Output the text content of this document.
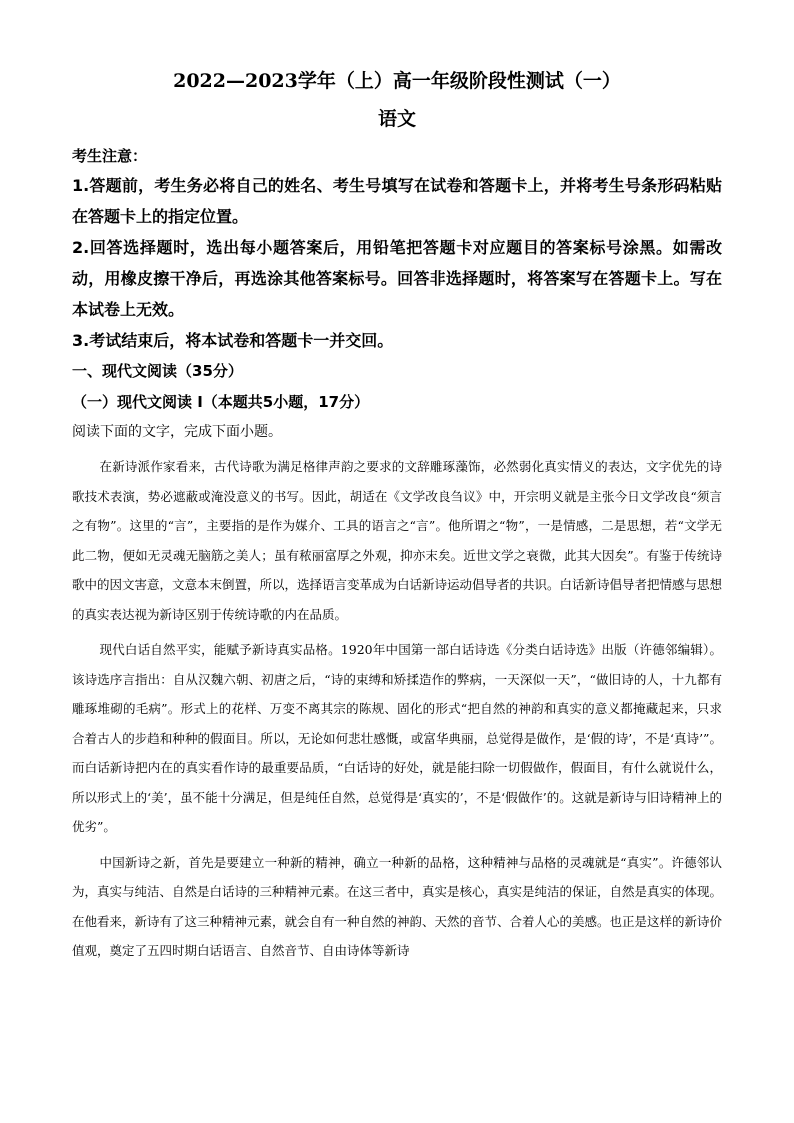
2022—2023学年（上）高一年级阶段性测试（一）
语文

考生注意：

1.答题前，考生务必将自己的姓名、考生号填写在试卷和答题卡上，并将考生号条形码粘贴在答题卡上的指定位置。

2.回答选择题时，选出每小题答案后，用铅笔把答题卡对应题目的答案标号涂黑。如需改动，用橡皮擦干净后，再选涂其他答案标号。回答非选择题时，将答案写在答题卡上。写在本试卷上无效。

3.考试结束后，将本试卷和答题卡一并交回。

一、现代文阅读（35分）

（一）现代文阅读 I（本题共5小题，17分）

阅读下面的文字，完成下面小题。

在新诗派作家看来，古代诗歌为满足格律声韵之要求的文辞雕琢藻饰，必然弱化真实情义的表达，文字优先的诗歌技术表演，势必遮蔽或淹没意义的书写。因此，胡适在《文学改良刍议》中，开宗明义就是主张今日文学改良“须言之有物”。这里的“言”，主要指的是作为媒介、工具的语言之“言”。他所谓之“物”，一是情感，二是思想，若“文学无此二物，便如无灵魂无脑筋之美人；虽有秾丽富厚之外观，抑亦末矣。近世文学之衰微，此其大因矣”。有鉴于传统诗歌中的因文害意，文意本末倒置，所以，选择语言变革成为白话新诗运动倡导者的共识。白话新诗倡导者把情感与思想的真实表达视为新诗区别于传统诗歌的内在品质。

现代白话自然平实，能赋予新诗真实品格。1920年中国第一部白话诗选《分类白话诗选》出版（许德邻编辑）。该诗选序言指出：自从汉魏六朝、初唐之后，“诗的束缚和矫揉造作的弊病，一天深似一天”，“做旧诗的人，十九都有雕琢堆砌的毛病”。形式上的花样、万变不离其宗的陈规、固化的形式“把自然的神韵和真实的意义都掩藏起来，只求合着古人的步趋和种种的假面目。所以，无论如何悲壮感慨，或富华典丽，总觉得是做作，是‘假的诗’，不是‘真诗’”。而白话新诗把内在的真实看作诗的最重要品质，“白话诗的好处，就是能扫除一切假做作，假面目，有什么就说什么，所以形式上的‘美’，虽不能十分满足，但是纯任自然，总觉得是‘真实的’，不是‘假做作’的。这就是新诗与旧诗精神上的优劣”。

中国新诗之新，首先是要建立一种新的精神，确立一种新的品格，这种精神与品格的灵魂就是“真实”。许德邻认为，真实与纯洁、自然是白话诗的三种精神元素。在这三者中，真实是核心，真实是纯洁的保证，自然是真实的体现。在他看来，新诗有了这三种精神元素，就会自有一种自然的神韵、天然的音节、合着人心的美感。也正是这样的新诗价值观，奠定了五四时期白话语言、自然音节、自由诗体等新诗
